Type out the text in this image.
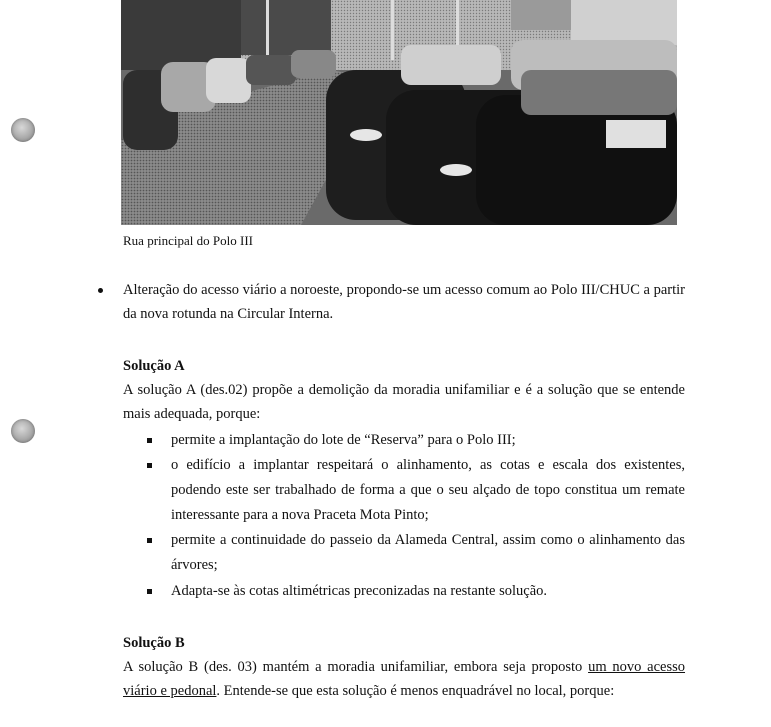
Rua principal do Polo III
Alteração do acesso viário a noroeste, propondo-se um acesso comum ao Polo III/CHUC a partir da nova rotunda na Circular Interna.
Solução A
A solução A (des.02) propõe a demolição da moradia unifamiliar e é a solução que se entende mais adequada, porque:
permite a implantação do lote de “Reserva” para o Polo III;
o edifício a implantar respeitará o alinhamento, as cotas e escala dos existentes, podendo este ser trabalhado de forma a que o seu alçado de topo constitua um remate interessante para a nova Praceta Mota Pinto;
permite a continuidade do passeio da Alameda Central, assim como o alinhamento das árvores;
Adapta-se às cotas altimétricas preconizadas na restante solução.
Solução B
A solução B (des. 03) mantém a moradia unifamiliar, embora seja proposto um novo acesso viário e pedonal. Entende-se que esta solução é menos enquadrável no local, porque:
